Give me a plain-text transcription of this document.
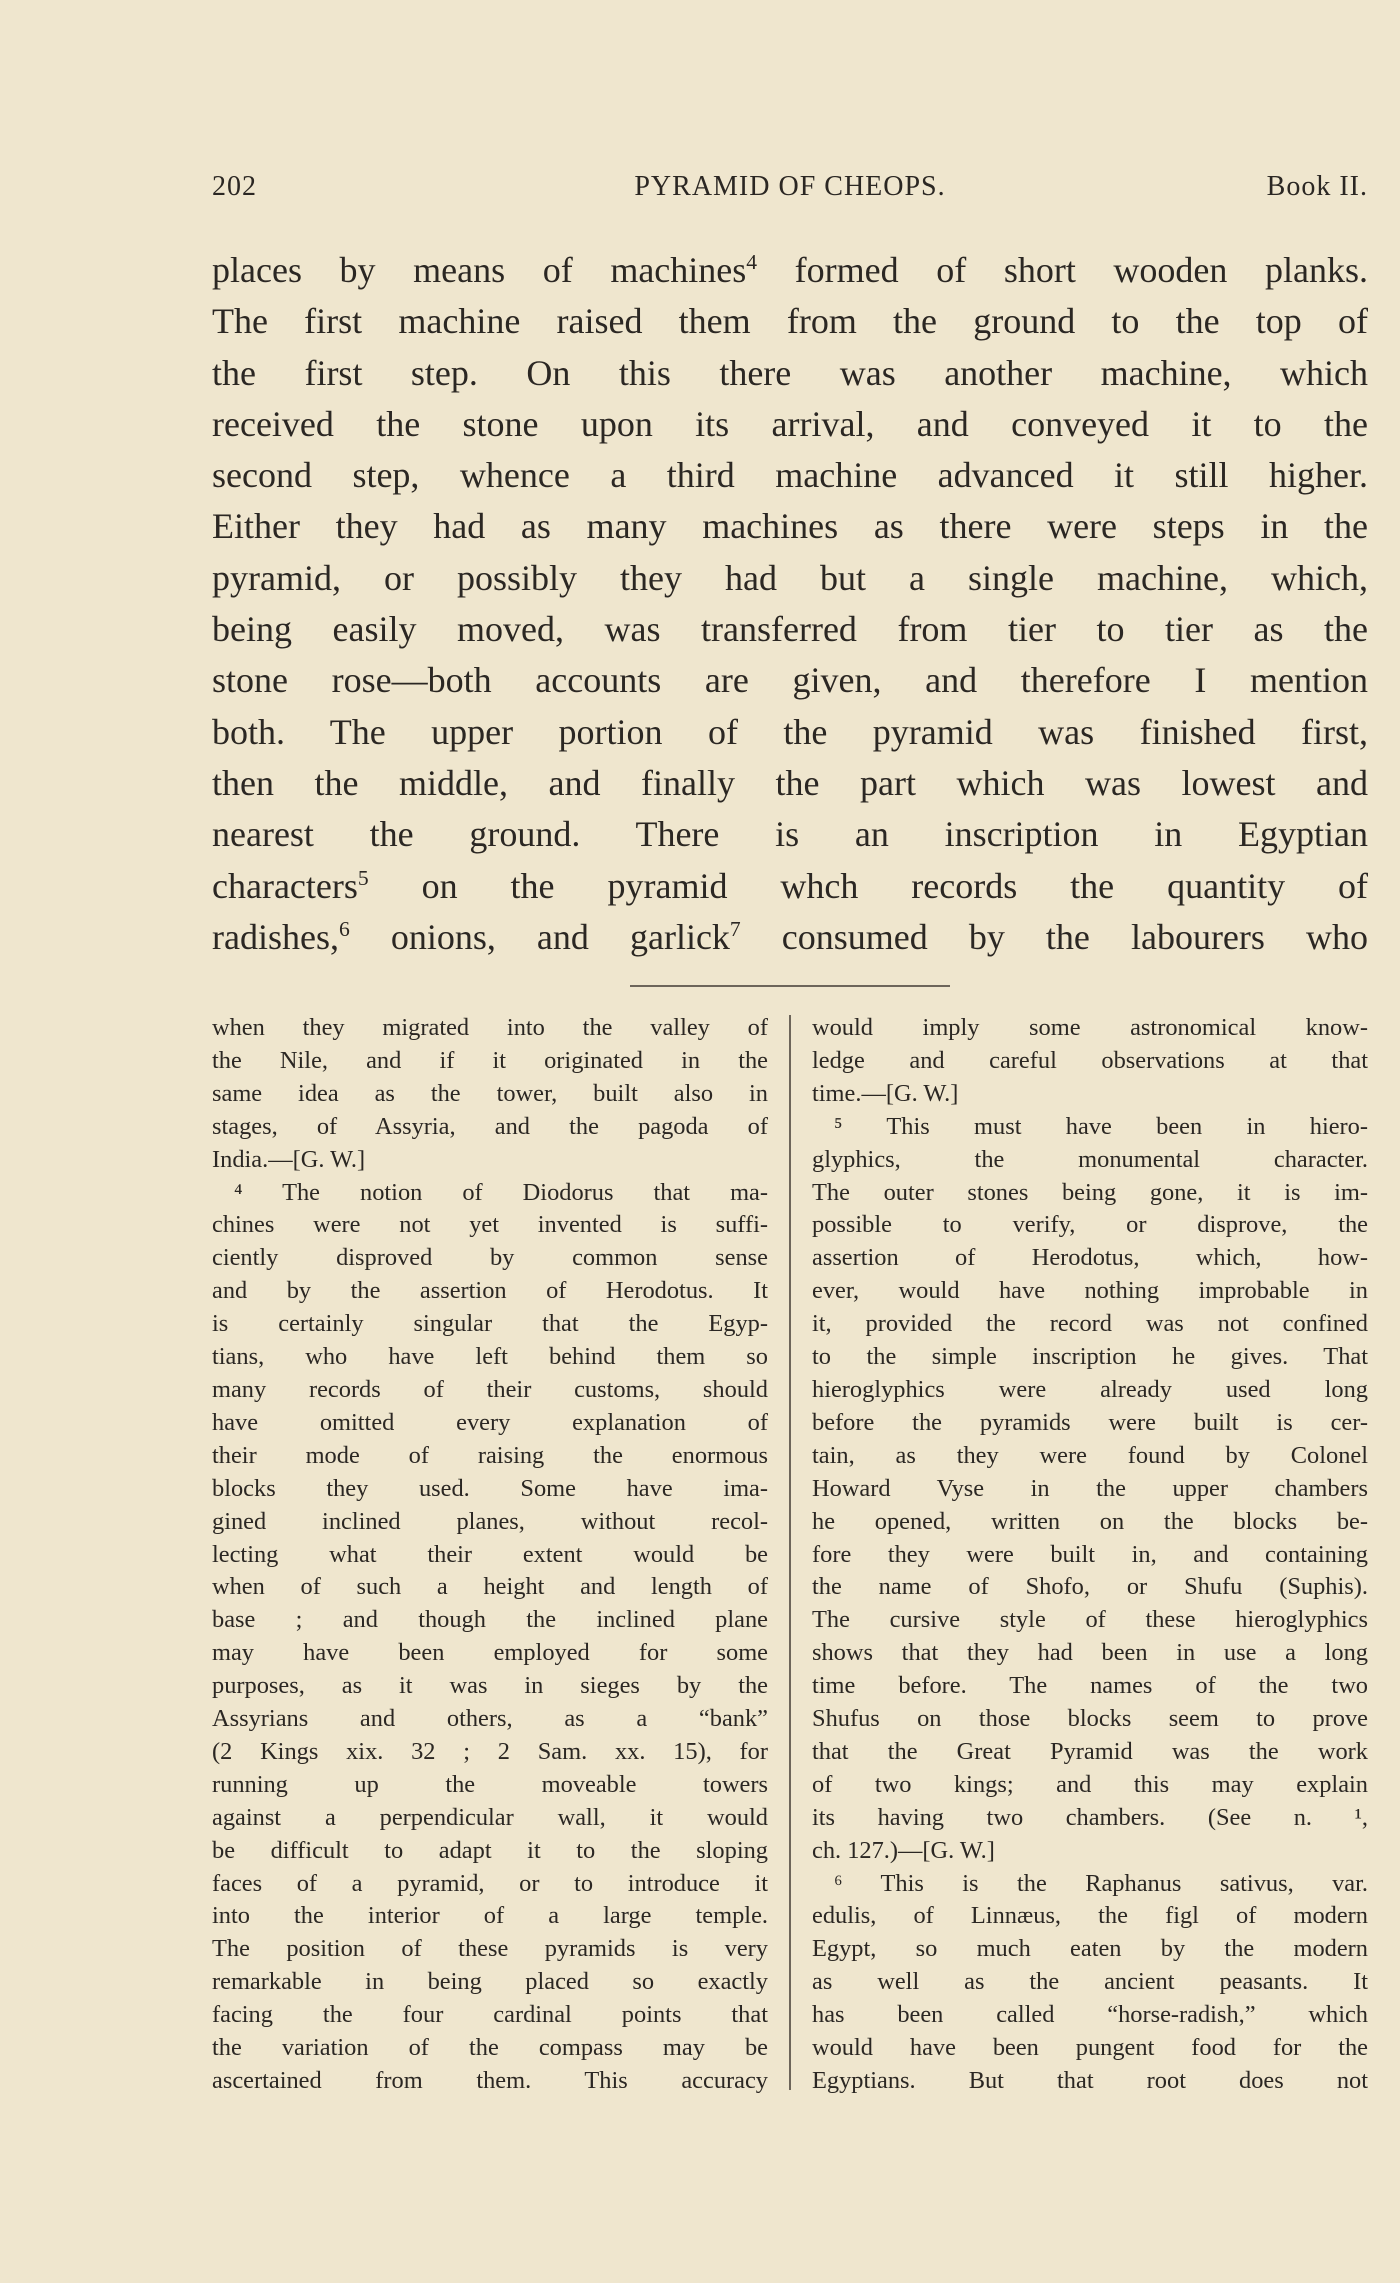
202	PYRAMID OF CHEOPS.	Book II.
places by means of machines$^4$ formed of short wooden planks.
The first machine raised them from the ground to the top of
the first step. On this there was another machine, which
received the stone upon its arrival, and conveyed it to the
second step, whence a third machine advanced it still higher.
Either they had as many machines as there were steps in the
pyramid, or possibly they had but a single machine, which,
being easily moved, was transferred from tier to tier as the
stone rose—both accounts are given, and therefore I mention
both. The upper portion of the pyramid was finished first,
then the middle, and finally the part which was lowest and
nearest the ground. There is an inscription in Egyptian
characters$^5$ on the pyramid whch records the quantity of
radishes,$^6$ onions, and garlick$^7$ consumed by the labourers who
when they migrated into the valley of
the Nile, and if it originated in the
same idea as the tower, built also in
stages, of Assyria, and the pagoda of
India.—[G. W.]
⁴ The notion of Diodorus that ma-
chines were not yet invented is suffi-
ciently disproved by common sense
and by the assertion of Herodotus. It
is certainly singular that the Egyp-
tians, who have left behind them so
many records of their customs, should
have omitted every explanation of
their mode of raising the enormous
blocks they used. Some have ima-
gined inclined planes, without recol-
lecting what their extent would be
when of such a height and length of
base ; and though the inclined plane
may have been employed for some
purposes, as it was in sieges by the
Assyrians and others, as a “bank”
(2 Kings xix. 32 ; 2 Sam. xx. 15), for
running up the moveable towers
against a perpendicular wall, it would
be difficult to adapt it to the sloping
faces of a pyramid, or to introduce it
into the interior of a large temple.
The position of these pyramids is very
remarkable in being placed so exactly
facing the four cardinal points that
the variation of the compass may be
ascertained from them. This accuracy
would imply some astronomical know-
ledge and careful observations at that
time.—[G. W.]
⁵ This must have been in hiero-
glyphics, the monumental character.
The outer stones being gone, it is im-
possible to verify, or disprove, the
assertion of Herodotus, which, how-
ever, would have nothing improbable in
it, provided the record was not confined
to the simple inscription he gives. That
hieroglyphics were already used long
before the pyramids were built is cer-
tain, as they were found by Colonel
Howard Vyse in the upper chambers
he opened, written on the blocks be-
fore they were built in, and containing
the name of Shofo, or Shufu (Suphis).
The cursive style of these hieroglyphics
shows that they had been in use a long
time before. The names of the two
Shufus on those blocks seem to prove
that the Great Pyramid was the work
of two kings; and this may explain
its having two chambers. (See n. ¹,
ch. 127.)—[G. W.]
⁶ This is the Raphanus sativus, var.
edulis, of Linnæus, the figl of modern
Egypt, so much eaten by the modern
as well as the ancient peasants. It
has been called “horse-radish,” which
would have been pungent food for the
Egyptians. But that root does not
